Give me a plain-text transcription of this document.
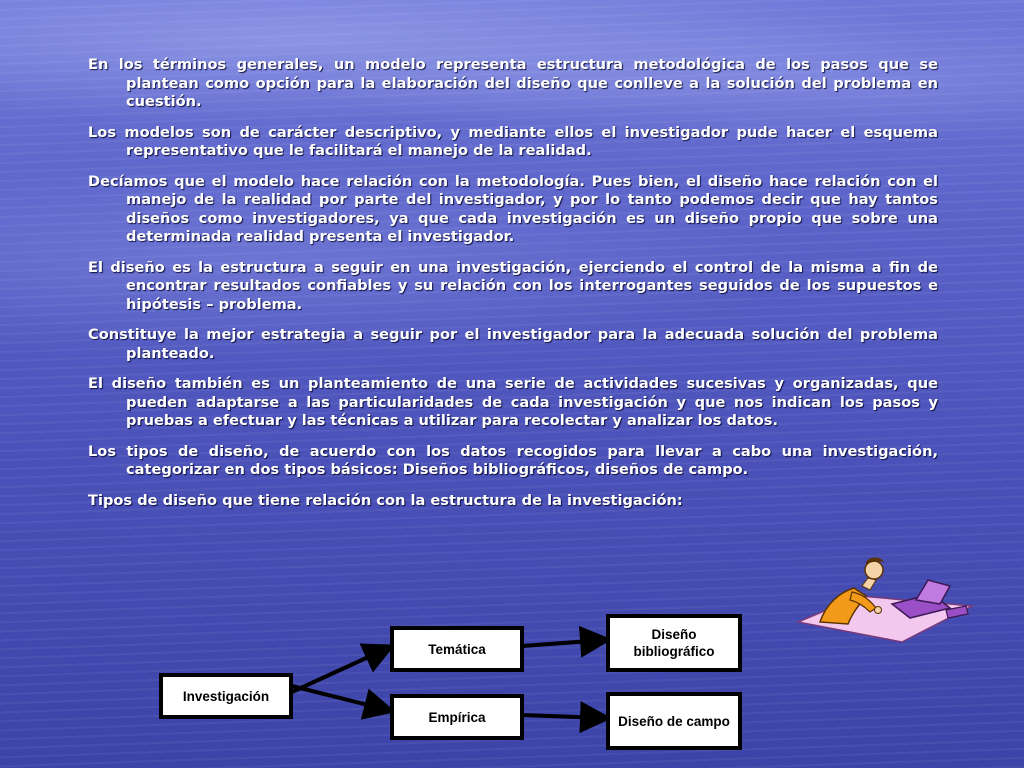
En los términos generales, un modelo representa estructura metodológica de los pasos que se plantean como opción para la elaboración del diseño que conlleve a la solución del problema en cuestión.

Los modelos son de carácter descriptivo, y mediante ellos el investigador pude hacer el esquema representativo que le facilitará el manejo de la realidad.

Decíamos que el modelo hace relación con la metodología. Pues bien, el diseño hace relación con el manejo de la realidad por parte del investigador, y por lo tanto podemos decir que hay tantos diseños como investigadores, ya que cada investigación es un diseño propio que sobre una determinada realidad presenta el investigador.

El diseño es la estructura a seguir en una investigación, ejerciendo el control de la misma a fin de encontrar resultados confiables y su relación con los interrogantes seguidos de los supuestos e hipótesis – problema.

Constituye la mejor estrategia a seguir por el investigador para la adecuada solución del problema planteado.

El diseño también es un planteamiento de una serie de actividades sucesivas y organizadas, que pueden adaptarse a las particularidades de cada investigación y que nos indican los pasos y pruebas a efectuar y las técnicas a utilizar para recolectar y analizar los datos.

Los tipos de diseño, de acuerdo con los datos recogidos para llevar a cabo una investigación, categorizar en dos tipos básicos: Diseños bibliográficos, diseños de campo.

Tipos de diseño que tiene relación con la estructura de la investigación:

Investigación
Temática
Empírica
Diseño bibliográfico
Diseño de campo
